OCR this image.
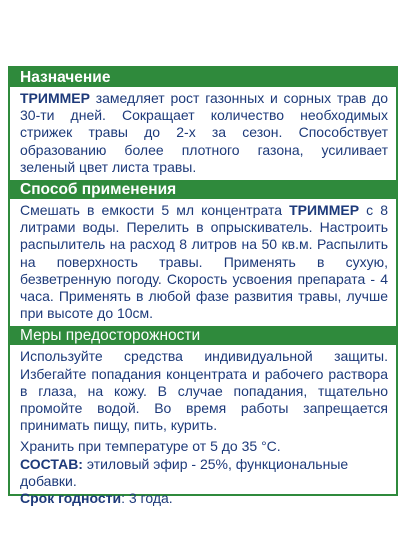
Назначение

ТРИММЕР замедляет рост газонных и сорных трав до 30-ти дней. Сокращает количество необходимых стрижек травы до 2-х за сезон. Способствует образованию более плотного газона, усиливает зеленый цвет листа травы.

Способ применения

Смешать в емкости 5 мл концентрата ТРИММЕР с 8 литрами воды. Перелить в опрыскиватель. Настроить распылитель на расход 8 литров на 50 кв.м. Распылить на поверхность травы. Применять в сухую, безветренную погоду. Скорость усвоения препарата - 4 часа. Применять в любой фазе развития травы, лучше при высоте до 10см.

Меры предосторожности

Используйте средства индивидуальной защиты. Избегайте попадания концентрата и рабочего раствора в глаза, на кожу. В случае попадания, тщательно промойте водой. Во время работы запрещается принимать пищу, пить, курить.

Хранить при температуре от 5 до 35 °С.

СОСТАВ: этиловый эфир - 25%, функциональные добавки.

Срок годности: 3 года.
